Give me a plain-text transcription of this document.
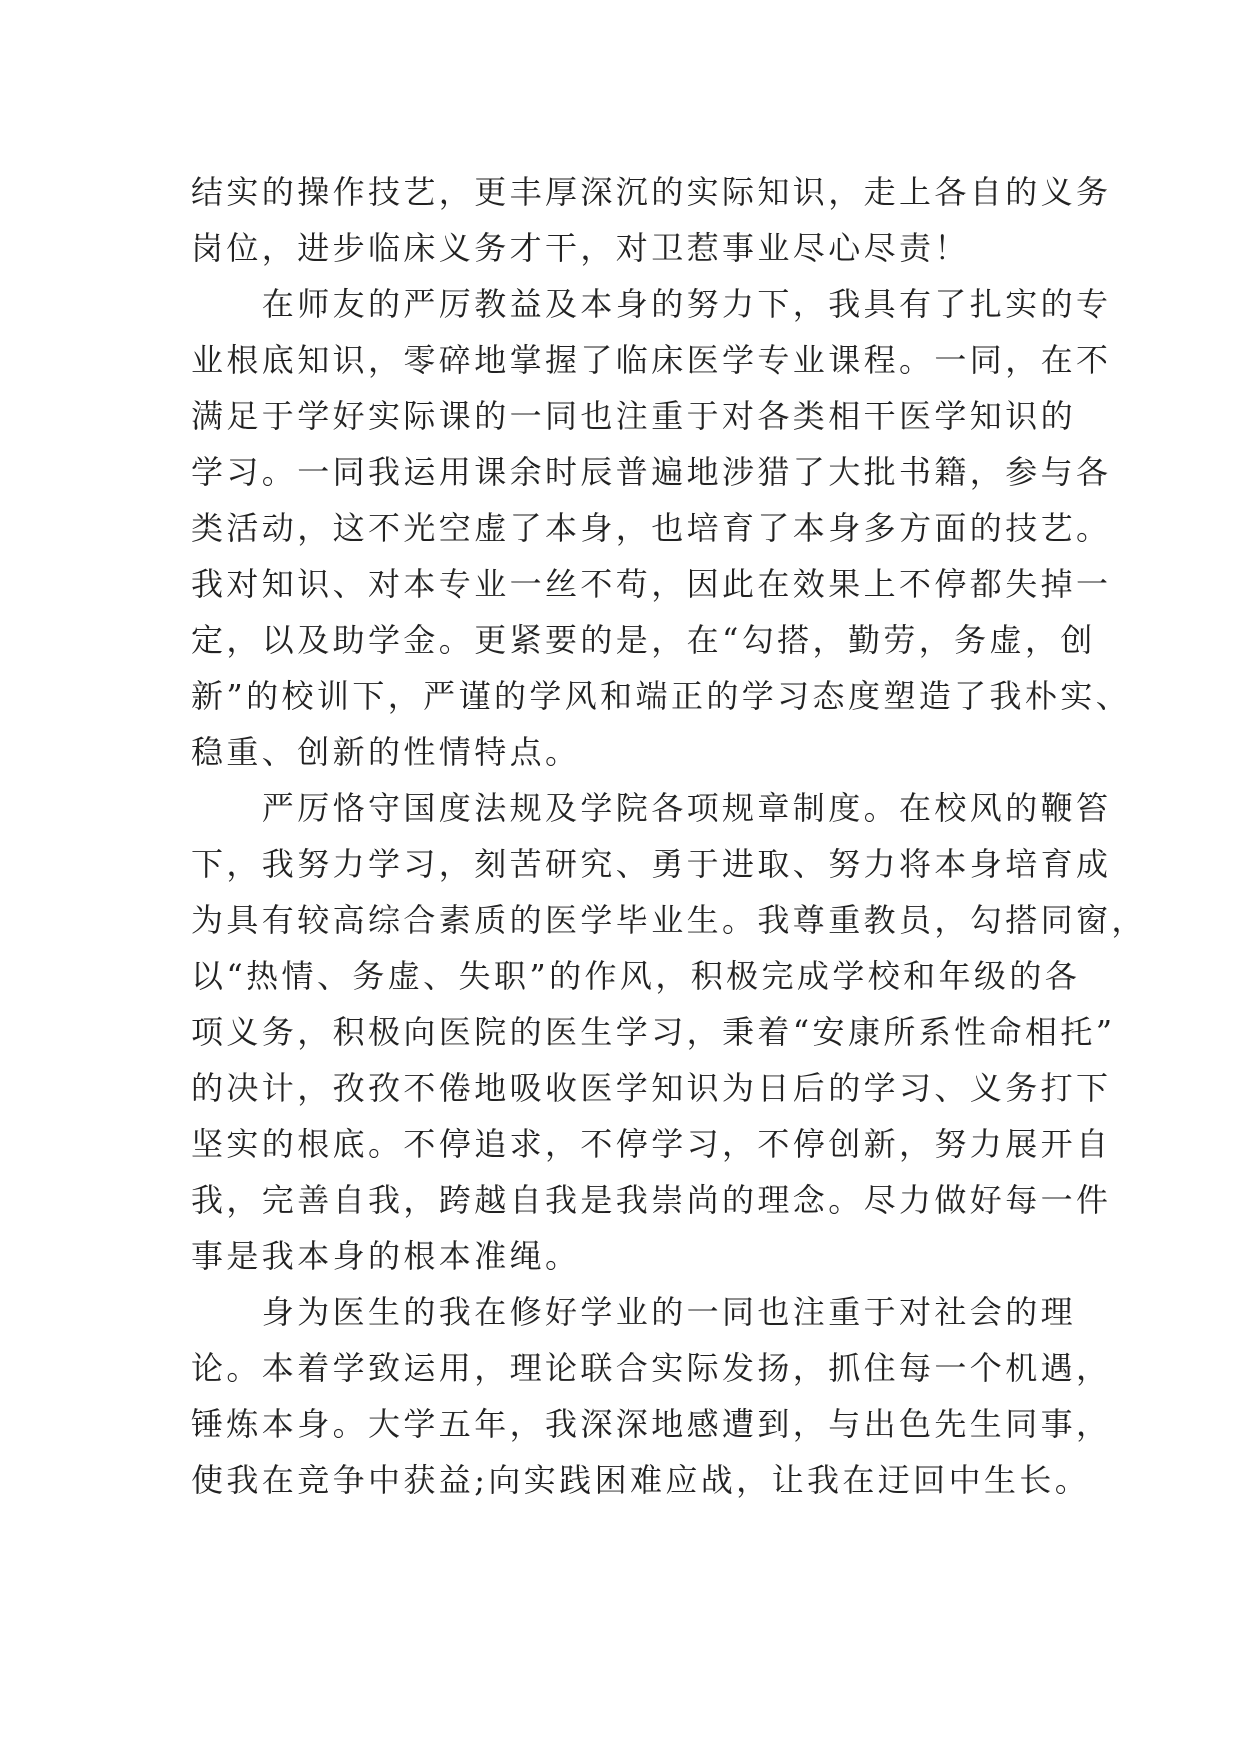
结实的操作技艺，更丰厚深沉的实际知识，走上各自的义务
岗位，进步临床义务才干，对卫惹事业尽心尽责！
　　在师友的严厉教益及本身的努力下，我具有了扎实的专
业根底知识，零碎地掌握了临床医学专业课程。一同，在不
满足于学好实际课的一同也注重于对各类相干医学知识的
学习。一同我运用课余时辰普遍地涉猎了大批书籍，参与各
类活动，这不光空虚了本身，也培育了本身多方面的技艺。
我对知识、对本专业一丝不苟，因此在效果上不停都失掉一
定，以及助学金。更紧要的是，在“勾搭，勤劳，务虚，创
新”的校训下，严谨的学风和端正的学习态度塑造了我朴实、
稳重、创新的性情特点。
　　严厉恪守国度法规及学院各项规章制度。在校风的鞭笞
下，我努力学习，刻苦研究、勇于进取、努力将本身培育成
为具有较高综合素质的医学毕业生。我尊重教员，勾搭同窗，
以“热情、务虚、失职”的作风，积极完成学校和年级的各
项义务，积极向医院的医生学习，秉着“安康所系性命相托”
的决计，孜孜不倦地吸收医学知识为日后的学习、义务打下
坚实的根底。不停追求，不停学习，不停创新，努力展开自
我，完善自我，跨越自我是我崇尚的理念。尽力做好每一件
事是我本身的根本准绳。
　　身为医生的我在修好学业的一同也注重于对社会的理
论。本着学致运用，理论联合实际发扬，抓住每一个机遇，
锤炼本身。大学五年，我深深地感遭到，与出色先生同事，
使我在竞争中获益;向实践困难应战，让我在迂回中生长。
